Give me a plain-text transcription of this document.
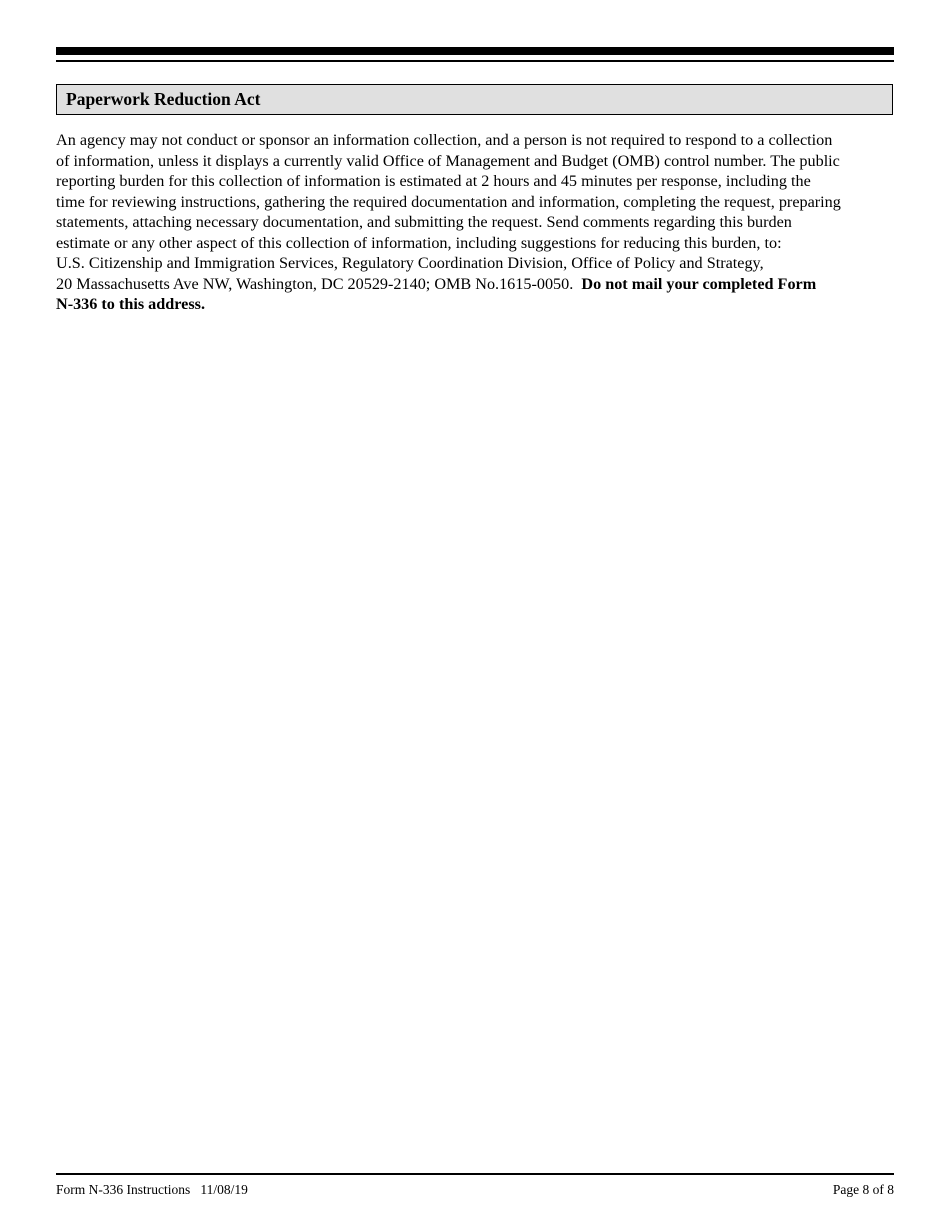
Paperwork Reduction Act
An agency may not conduct or sponsor an information collection, and a person is not required to respond to a collection
of information, unless it displays a currently valid Office of Management and Budget (OMB) control number. The public
reporting burden for this collection of information is estimated at 2 hours and 45 minutes per response, including the
time for reviewing instructions, gathering the required documentation and information, completing the request, preparing
statements, attaching necessary documentation, and submitting the request. Send comments regarding this burden
estimate or any other aspect of this collection of information, including suggestions for reducing this burden, to:
U.S. Citizenship and Immigration Services, Regulatory Coordination Division, Office of Policy and Strategy,
20 Massachusetts Ave NW, Washington, DC 20529-2140; OMB No.1615-0050.  Do not mail your completed Form
N-336 to this address.
Form N-336 Instructions   11/08/19	Page 8 of 8
